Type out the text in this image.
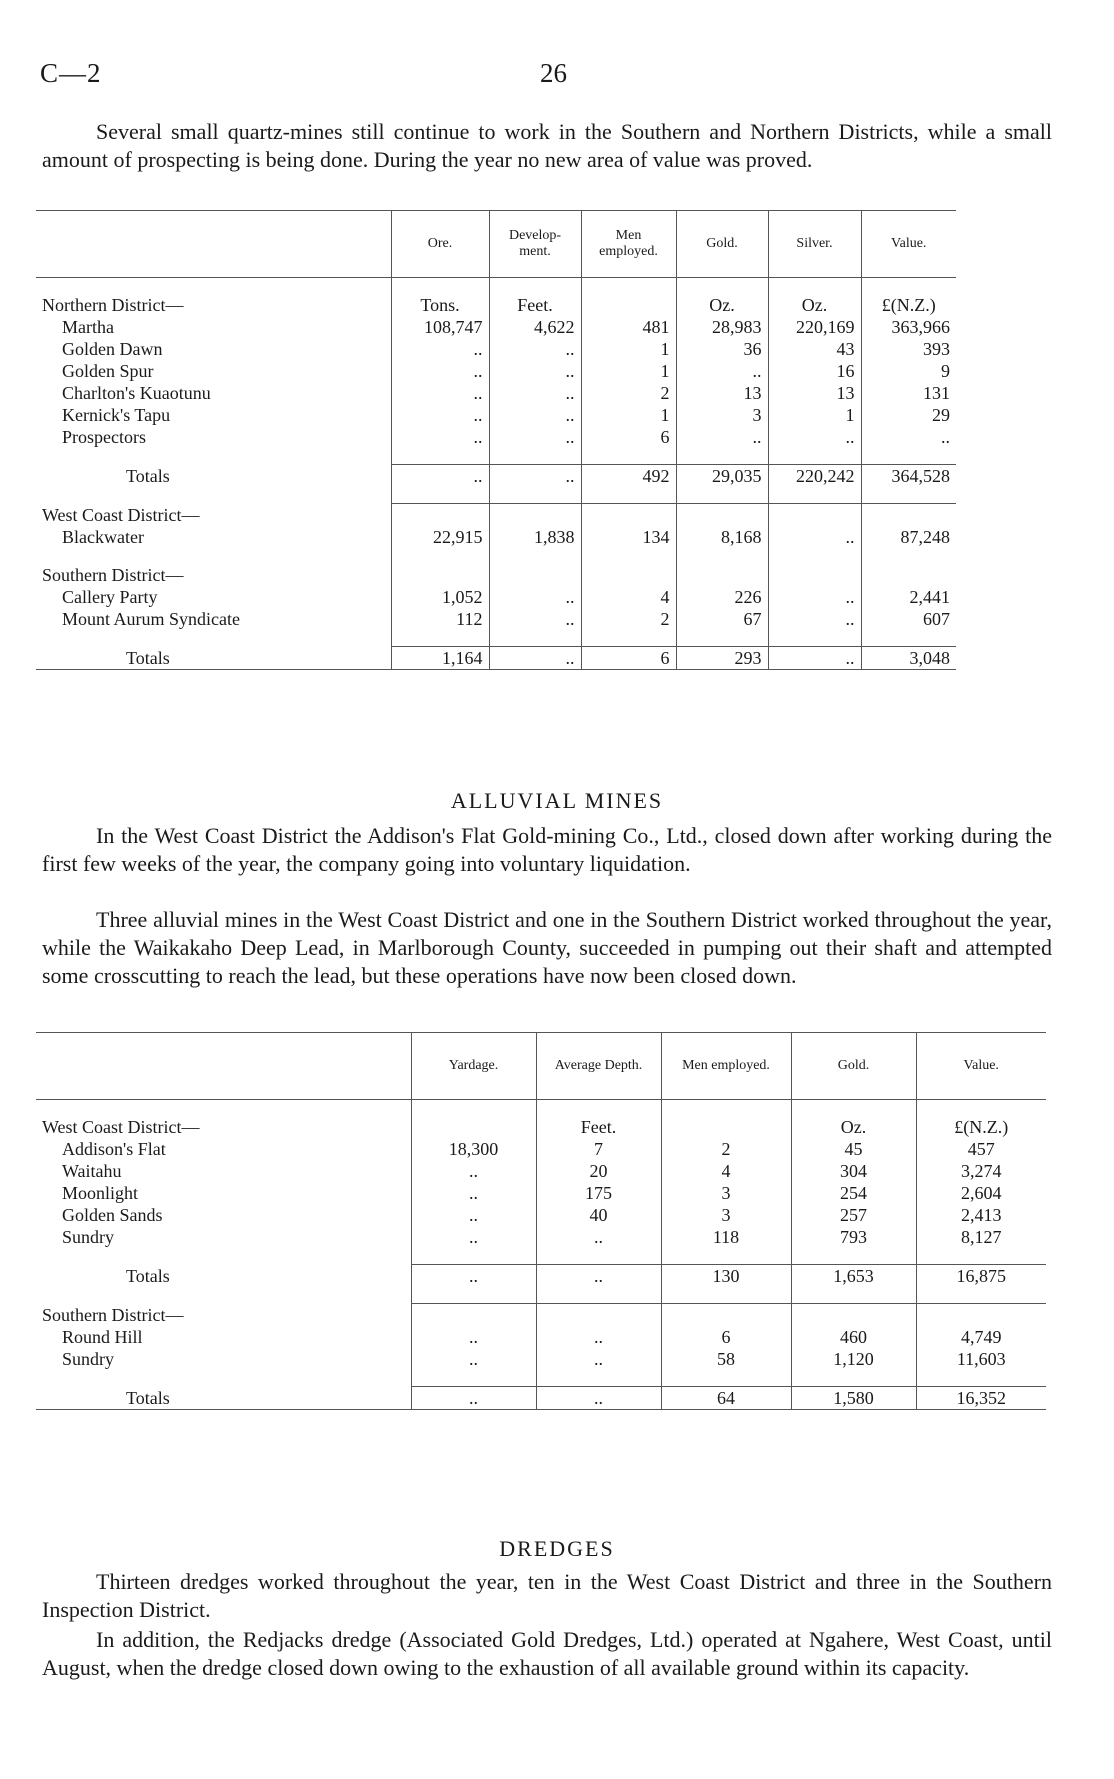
C—2	26

Several small quartz-mines still continue to work in the Southern and Northern Districts, while a small amount of prospecting is being done. During the year no new area of value was proved.

	Ore.	Develop-ment.	Men employed.	Gold.	Silver.	Value.

Northern District—	Tons.	Feet.		Oz.	Oz.	£(N.Z.)
Martha	108,747	4,622	481	28,983	220,169	363,966
Golden Dawn	..	..	1	36	43	393
Golden Spur	..	..	1	..	16	9
Charlton's Kuaotunu	..	..	2	13	13	131
Kernick's Tapu	..	..	1	3	1	29
Prospectors	..	..	6	..	..	..

Totals	..	..	492	29,035	220,242	364,528

West Coast District—						
Blackwater	22,915	1,838	134	8,168	..	87,248

Southern District—						
Callery Party	1,052	..	4	226	..	2,441
Mount Aurum Syndicate	112	..	2	67	..	607

Totals	1,164	..	6	293	..	3,048
ALLUVIAL MINES

In the West Coast District the Addison's Flat Gold-mining Co., Ltd., closed down after working during the first few weeks of the year, the company going into voluntary liquidation.

Three alluvial mines in the West Coast District and one in the Southern District worked throughout the year, while the Waikakaho Deep Lead, in Marlborough County, succeeded in pumping out their shaft and attempted some crosscutting to reach the lead, but these operations have now been closed down.

	Yardage.	Average Depth.	Men employed.	Gold.	Value.

West Coast District—		Feet.		Oz.	£(N.Z.)
Addison's Flat	18,300	7	2	45	457
Waitahu	..	20	4	304	3,274
Moonlight	..	175	3	254	2,604
Golden Sands	..	40	3	257	2,413
Sundry	..	..	118	793	8,127

Totals	..	..	130	1,653	16,875

Southern District—					
Round Hill	..	..	6	460	4,749
Sundry	..	..	58	1,120	11,603

Totals	..	..	64	1,580	16,352
DREDGES

Thirteen dredges worked throughout the year, ten in the West Coast District and three in the Southern Inspection District.

In addition, the Redjacks dredge (Associated Gold Dredges, Ltd.) operated at Ngahere, West Coast, until August, when the dredge closed down owing to the exhaustion of all available ground within its capacity.
